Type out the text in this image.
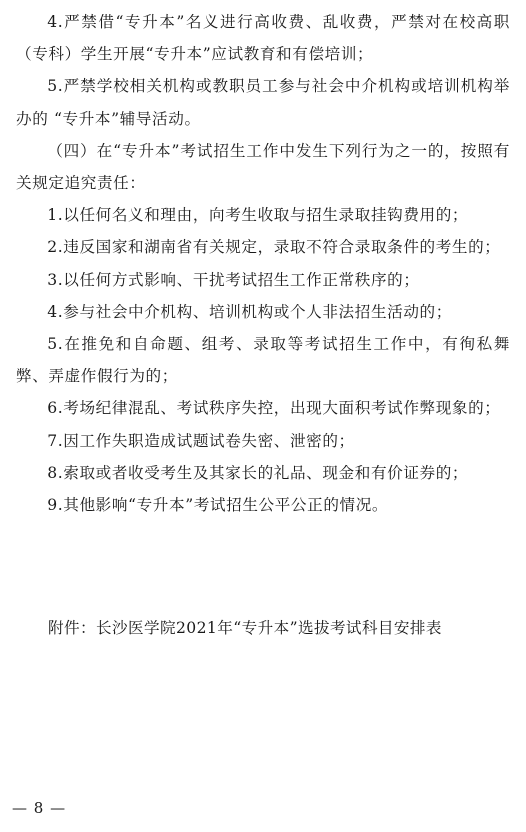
4.严禁借“专升本”名义进行高收费、乱收费，严禁对在校高职（专科）学生开展“专升本”应试教育和有偿培训；

5.严禁学校相关机构或教职员工参与社会中介机构或培训机构举办的 “专升本”辅导活动。

（四）在“专升本”考试招生工作中发生下列行为之一的，按照有关规定追究责任：

1.以任何名义和理由，向考生收取与招生录取挂钩费用的；

2.违反国家和湖南省有关规定，录取不符合录取条件的考生的；

3.以任何方式影响、干扰考试招生工作正常秩序的；

4.参与社会中介机构、培训机构或个人非法招生活动的；

5.在推免和自命题、组考、录取等考试招生工作中，有徇私舞弊、弄虚作假行为的；

6.考场纪律混乱、考试秩序失控，出现大面积考试作弊现象的；

7.因工作失职造成试题试卷失密、泄密的；

8.索取或者收受考生及其家长的礼品、现金和有价证券的；

9.其他影响“专升本”考试招生公平公正的情况。

附件：长沙医学院2021年“专升本”选拔考试科目安排表

— 8 —
